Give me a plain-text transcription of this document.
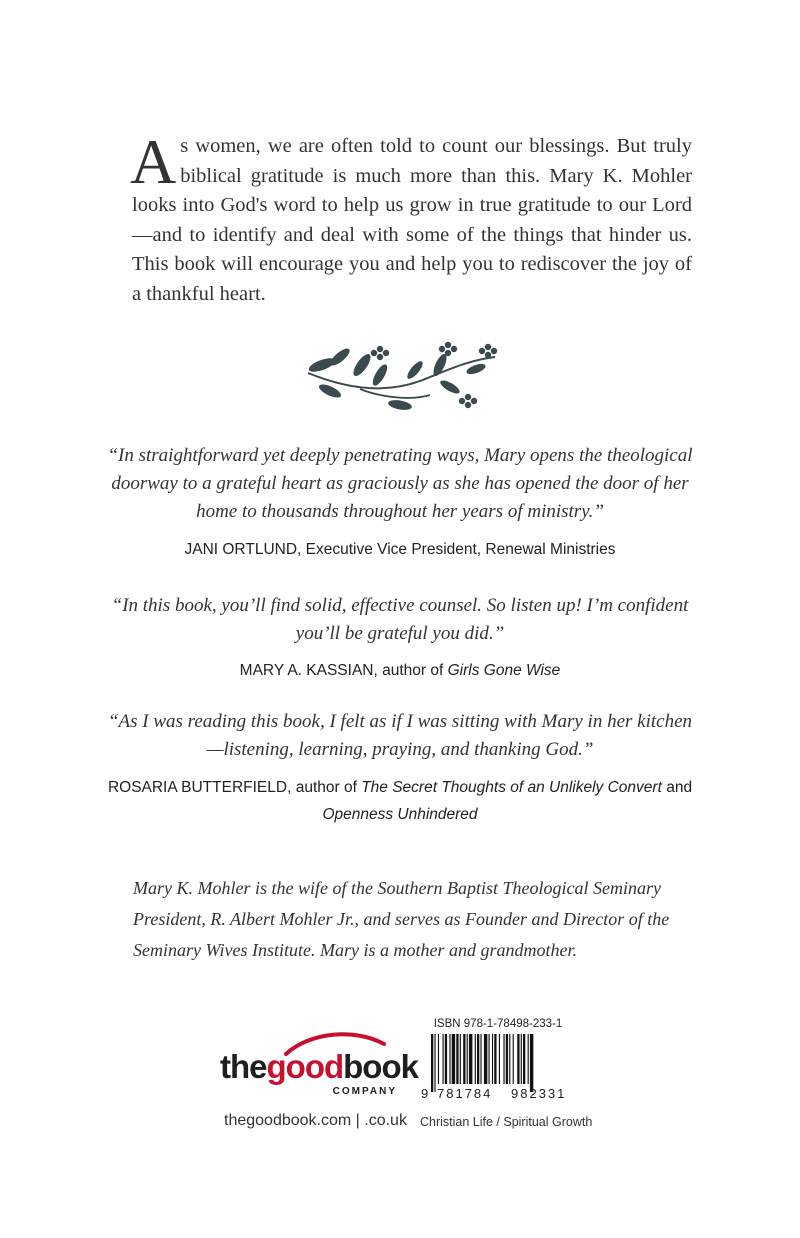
As women, we are often told to count our blessings. But truly biblical gratitude is much more than this. Mary K. Mohler looks into God's word to help us grow in true gratitude to our Lord—and to identify and deal with some of the things that hinder us. This book will encourage you and help you to rediscover the joy of a thankful heart.
“In straightforward yet deeply penetrating ways, Mary opens the theological doorway to a grateful heart as graciously as she has opened the door of her home to thousands throughout her years of ministry.”
JANI ORTLUND, Executive Vice President, Renewal Ministries
“In this book, you’ll find solid, effective counsel. So listen up! I’m confident you’ll be grateful you did.”
MARY A. KASSIAN, author of Girls Gone Wise
“As I was reading this book, I felt as if I was sitting with Mary in her kitchen—listening, learning, praying, and thanking God.”
ROSARIA BUTTERFIELD, author of The Secret Thoughts of an Unlikely Convert and Openness Unhindered
Mary K. Mohler is the wife of the Southern Baptist Theological Seminary President, R. Albert Mohler Jr., and serves as Founder and Director of the Seminary Wives Institute. Mary is a mother and grandmother.
thegoodbook
COMPANY
ISBN 978-1-78498-233-1
9 781784 982331
thegoodbook.com | .co.uk Christian Life / Spiritual Growth
